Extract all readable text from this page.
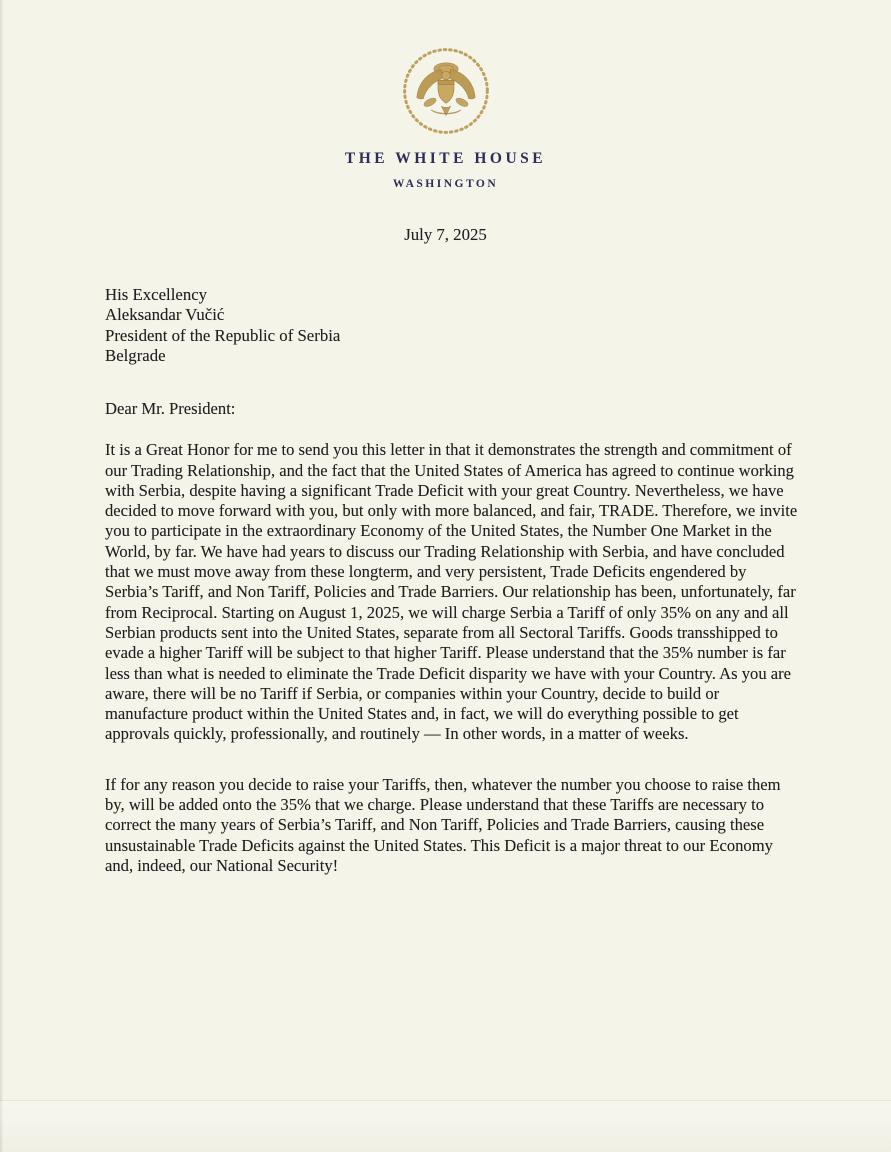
THE WHITE HOUSE
WASHINGTON
July 7, 2025
His Excellency
Aleksandar Vučić
President of the Republic of Serbia
Belgrade
Dear Mr. President:
It is a Great Honor for me to send you this letter in that it demonstrates the strength and commitment of our Trading Relationship, and the fact that the United States of America has agreed to continue working with Serbia, despite having a significant Trade Deficit with your great Country. Nevertheless, we have decided to move forward with you, but only with more balanced, and fair, TRADE. Therefore, we invite you to participate in the extraordinary Economy of the United States, the Number One Market in the World, by far. We have had years to discuss our Trading Relationship with Serbia, and have concluded that we must move away from these longterm, and very persistent, Trade Deficits engendered by Serbia’s Tariff, and Non Tariff, Policies and Trade Barriers. Our relationship has been, unfortunately, far from Reciprocal. Starting on August 1, 2025, we will charge Serbia a Tariff of only 35% on any and all Serbian products sent into the United States, separate from all Sectoral Tariffs. Goods transshipped to evade a higher Tariff will be subject to that higher Tariff. Please understand that the 35% number is far less than what is needed to eliminate the Trade Deficit disparity we have with your Country. As you are aware, there will be no Tariff if Serbia, or companies within your Country, decide to build or manufacture product within the United States and, in fact, we will do everything possible to get approvals quickly, professionally, and routinely — In other words, in a matter of weeks.
If for any reason you decide to raise your Tariffs, then, whatever the number you choose to raise them by, will be added onto the 35% that we charge. Please understand that these Tariffs are necessary to correct the many years of Serbia’s Tariff, and Non Tariff, Policies and Trade Barriers, causing these unsustainable Trade Deficits against the United States. This Deficit is a major threat to our Economy and, indeed, our National Security!
